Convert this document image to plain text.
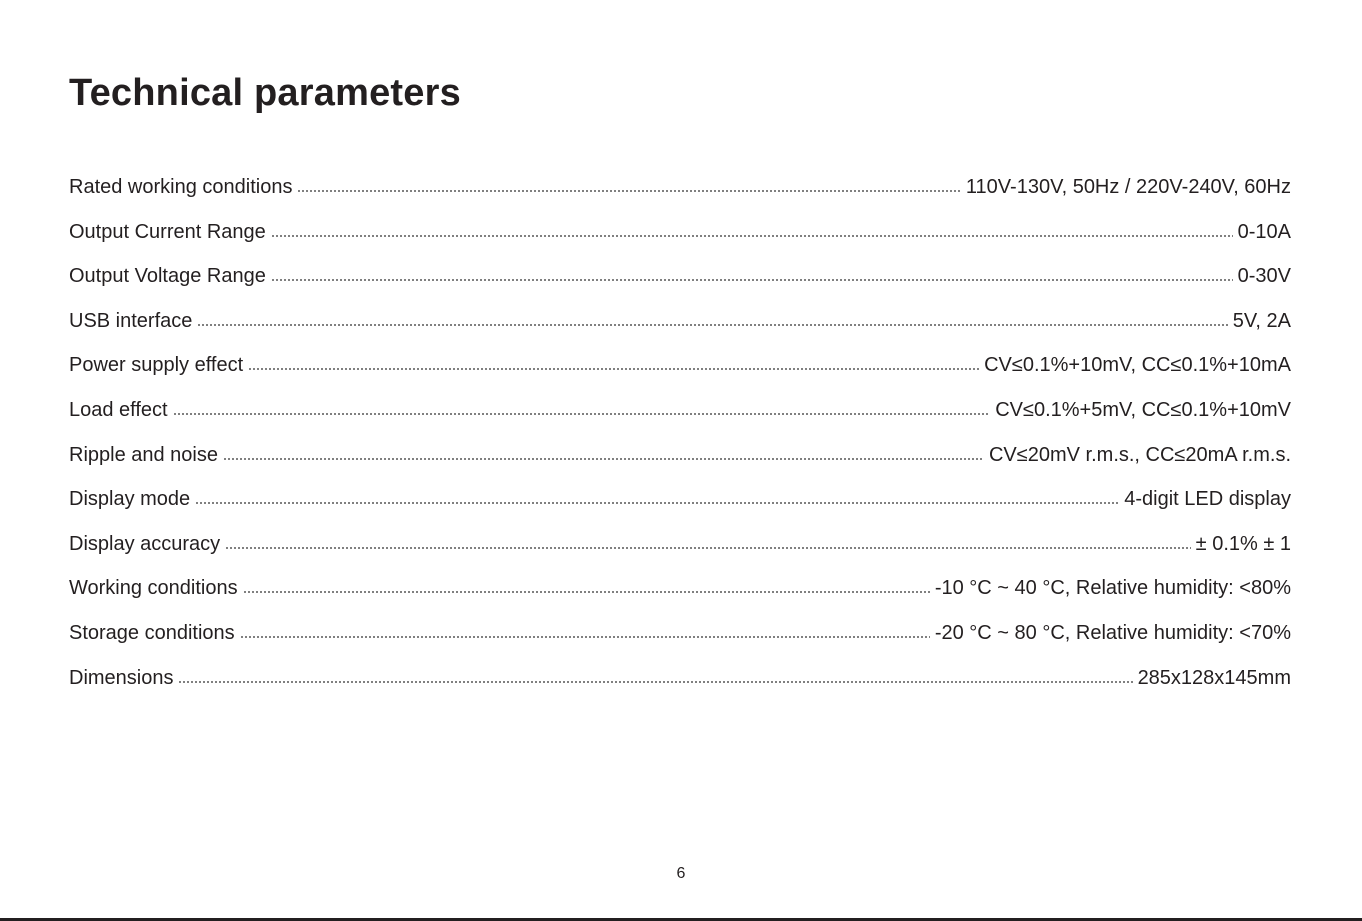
Technical parameters
Rated working conditions	110V-130V, 50Hz / 220V-240V, 60Hz
Output Current Range	0-10A
Output Voltage Range	0-30V
USB interface	5V, 2A
Power supply effect	CV≤0.1%+10mV, CC≤0.1%+10mA
Load effect	CV≤0.1%+5mV, CC≤0.1%+10mV
Ripple and noise	CV≤20mV r.m.s., CC≤20mA r.m.s.
Display mode	4-digit LED display
Display accuracy	± 0.1% ± 1
Working conditions	-10 °C ~ 40 °C, Relative humidity: <80%
Storage conditions	-20 °C ~ 80 °C, Relative humidity: <70%
Dimensions	285x128x145mm
6
